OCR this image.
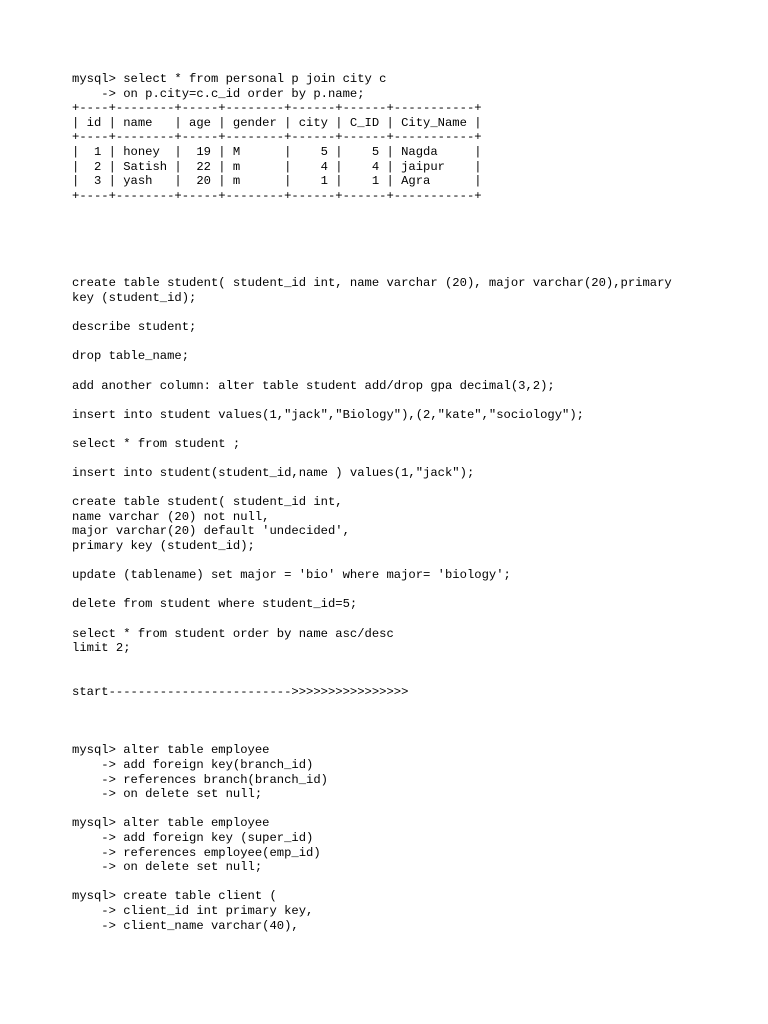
mysql> select * from personal p join city c
-> on p.city=c.c_id order by p.name;
+----+--------+-----+--------+------+------+-----------+
| id | name   | age | gender | city | C_ID | City_Name |
+----+--------+-----+--------+------+------+-----------+
|  1 | honey  |  19 | M      |    5 |    5 | Nagda     |
|  2 | Satish |  22 | m      |    4 |    4 | jaipur    |
|  3 | yash   |  20 | m      |    1 |    1 | Agra      |
+----+--------+-----+--------+------+------+-----------+
create table student( student_id int, name varchar (20), major varchar(20),primary
key (student_id);
describe student;
drop table_name;
add another column: alter table student add/drop gpa decimal(3,2);
insert into student values(1,"jack","Biology"),(2,"kate","sociology");
select * from student ;
insert into student(student_id,name ) values(1,"jack");
create table student( student_id int,
name varchar (20) not null,
major varchar(20) default 'undecided',
primary key (student_id);
update (tablename) set major = 'bio' where major= 'biology';
delete from student where student_id=5;
select * from student order by name asc/desc
limit 2;
start------------------------->>>>>>>>>>>>>>>>
mysql> alter table employee
-> add foreign key(branch_id)
-> references branch(branch_id)
-> on delete set null;
mysql> alter table employee
-> add foreign key (super_id)
-> references employee(emp_id)
-> on delete set null;
mysql> create table client (
-> client_id int primary key,
-> client_name varchar(40),
